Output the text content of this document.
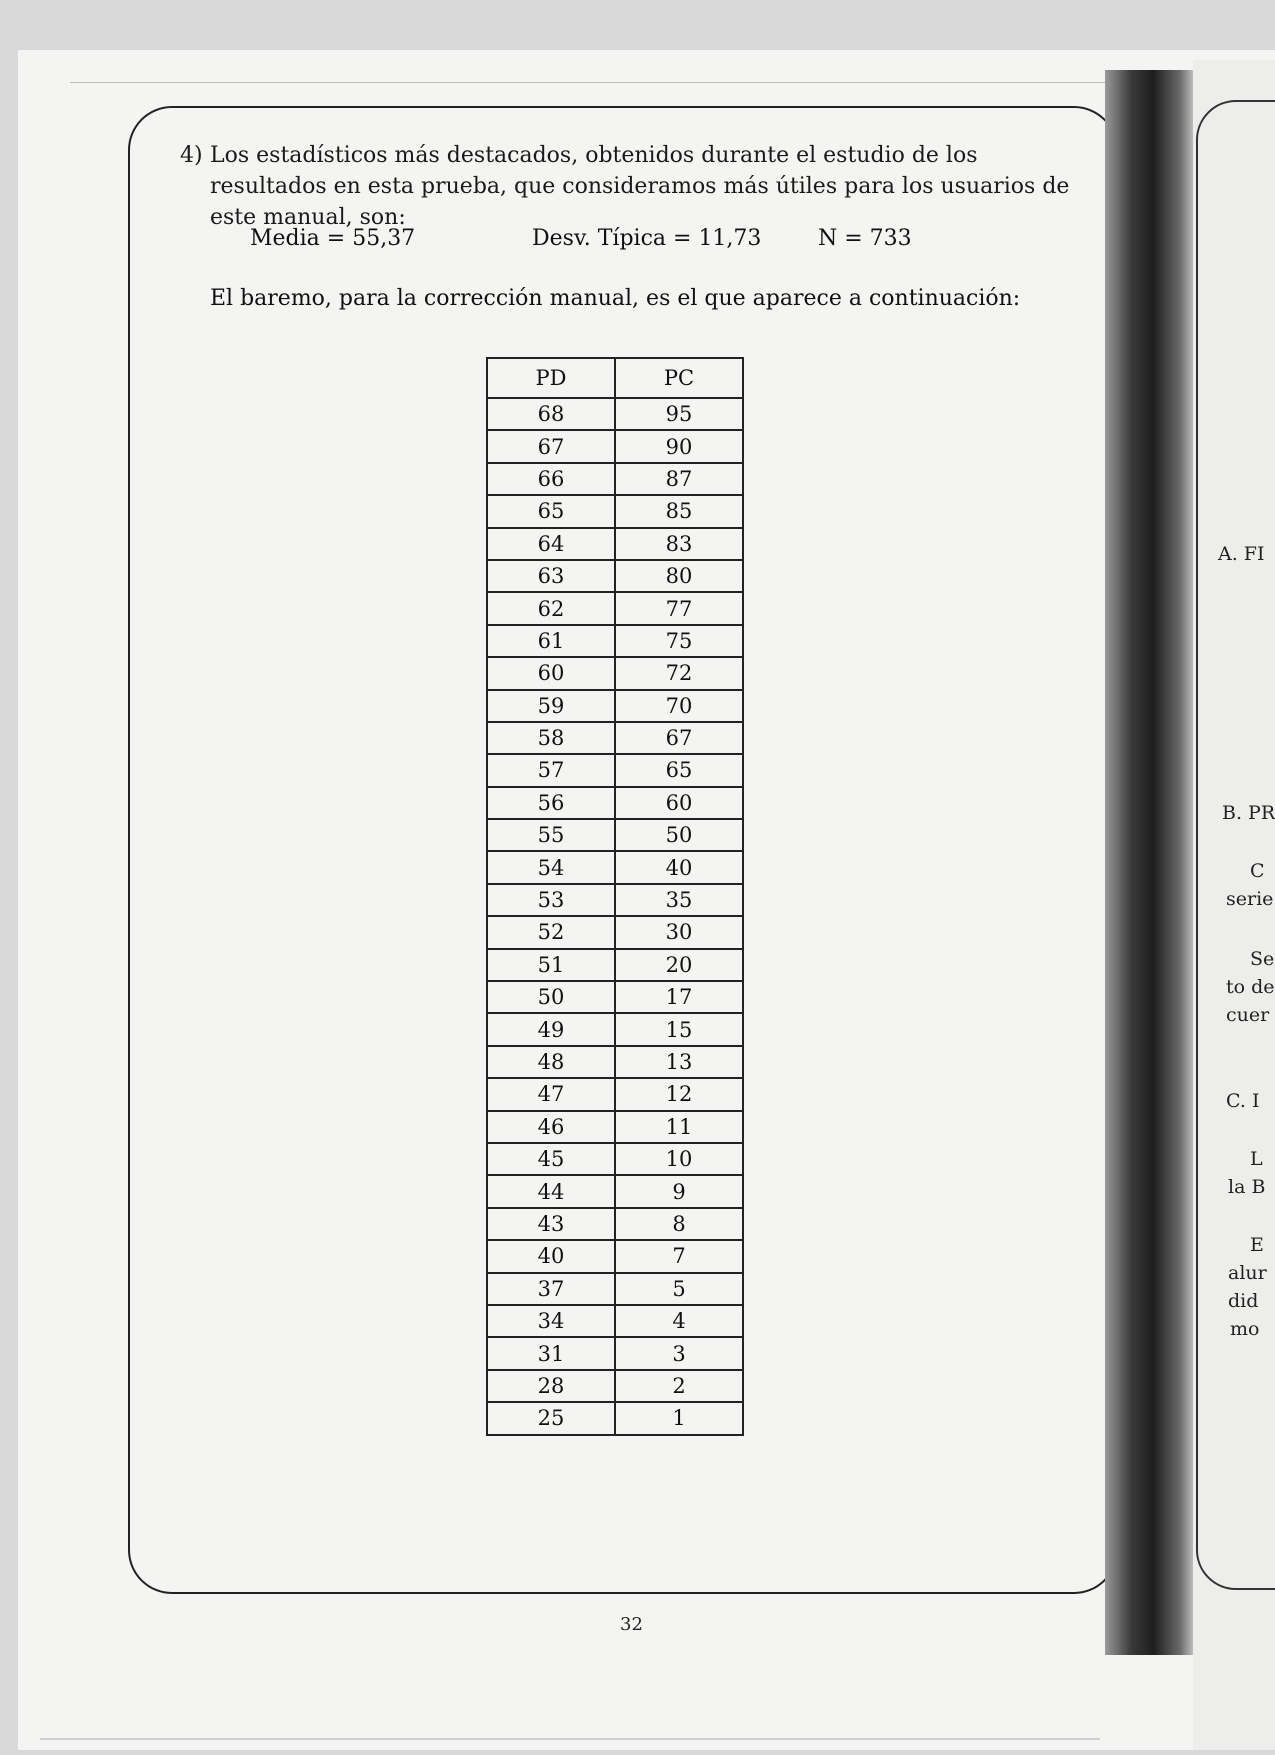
4) Los estadísticos más destacados, obtenidos durante el estudio de los resultados en esta prueba, que consideramos más útiles para los usuarios de este manual, son:
Media = 55,37	Desv. Típica = 11,73	N = 733
El baremo, para la corrección manual, es el que aparece a continuación:
PD	PC
68	95
67	90
66	87
65	85
64	83
63	80
62	77
61	75
60	72
59	70
58	67
57	65
56	60
55	50
54	40
53	35
52	30
51	20
50	17
49	15
48	13
47	12
46	11
45	10
44	9
43	8
40	7
37	5
34	4
31	3
28	2
25	1
32
A. FI
B. PR
C
serie
Se
to de
cuer
C. I
L
la B
E
alur
did
mo
